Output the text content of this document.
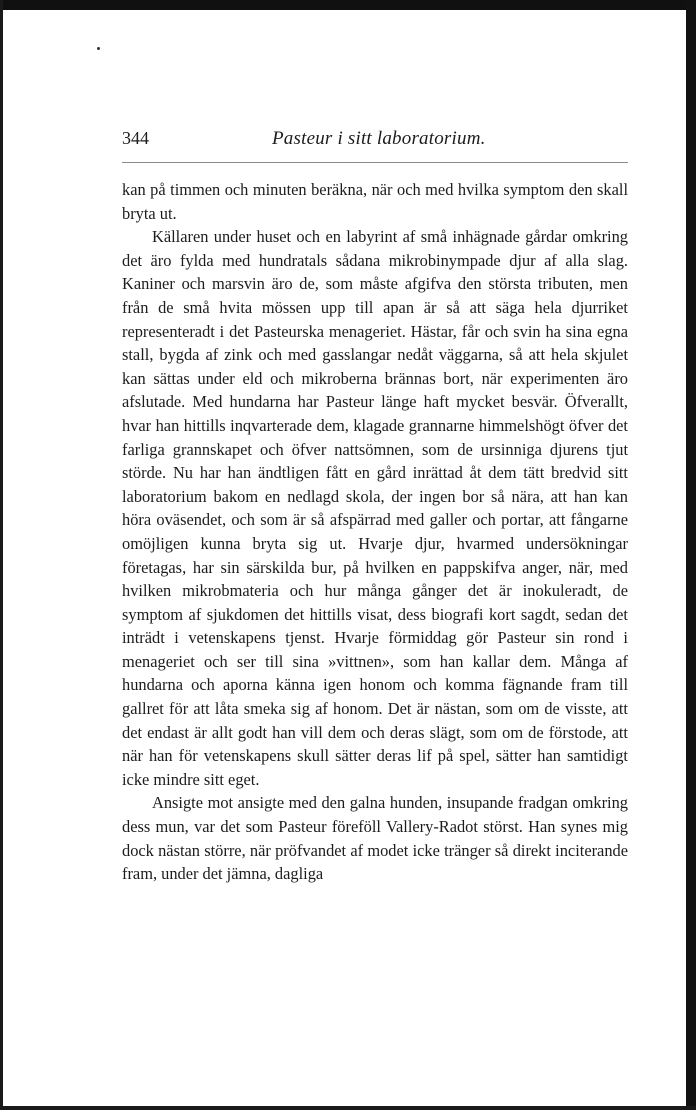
344	Pasteur i sitt laboratorium.

kan på timmen och minuten beräkna, när och med hvilka symptom den skall bryta ut.

Källaren under huset och en labyrint af små inhägnade gårdar omkring det äro fylda med hundratals sådana mikrobinympade djur af alla slag. Kaniner och marsvin äro de, som måste afgifva den största tributen, men från de små hvita mössen upp till apan är så att säga hela djurriket representeradt i det Pasteurska menageriet. Hästar, får och svin ha sina egna stall, bygda af zink och med gasslangar nedåt väggarna, så att hela skjulet kan sättas under eld och mikroberna brännas bort, när experimenten äro afslutade. Med hundarna har Pasteur länge haft mycket besvär. Öfverallt, hvar han hittills inqvarterade dem, klagade grannarne himmelshögt öfver det farliga grannskapet och öfver nattsömnen, som de ursinniga djurens tjut störde. Nu har han ändtligen fått en gård inrättad åt dem tätt bredvid sitt laboratorium bakom en nedlagd skola, der ingen bor så nära, att han kan höra oväsendet, och som är så afspärrad med galler och portar, att fångarne omöjligen kunna bryta sig ut. Hvarje djur, hvarmed undersökningar företagas, har sin särskilda bur, på hvilken en pappskifva anger, när, med hvilken mikrobmateria och hur många gånger det är inokuleradt, de symptom af sjukdomen det hittills visat, dess biografi kort sagdt, sedan det inträdt i vetenskapens tjenst. Hvarje förmiddag gör Pasteur sin rond i menageriet och ser till sina »vittnen», som han kallar dem. Många af hundarna och aporna känna igen honom och komma fägnande fram till gallret för att låta smeka sig af honom. Det är nästan, som om de visste, att det endast är allt godt han vill dem och deras slägt, som om de förstode, att när han för vetenskapens skull sätter deras lif på spel, sätter han samtidigt icke mindre sitt eget.

Ansigte mot ansigte med den galna hunden, insupande fradgan omkring dess mun, var det som Pasteur föreföll Vallery-Radot störst. Han synes mig dock nästan större, när pröfvandet af modet icke tränger så direkt inciterande fram, under det jämna, dagliga
